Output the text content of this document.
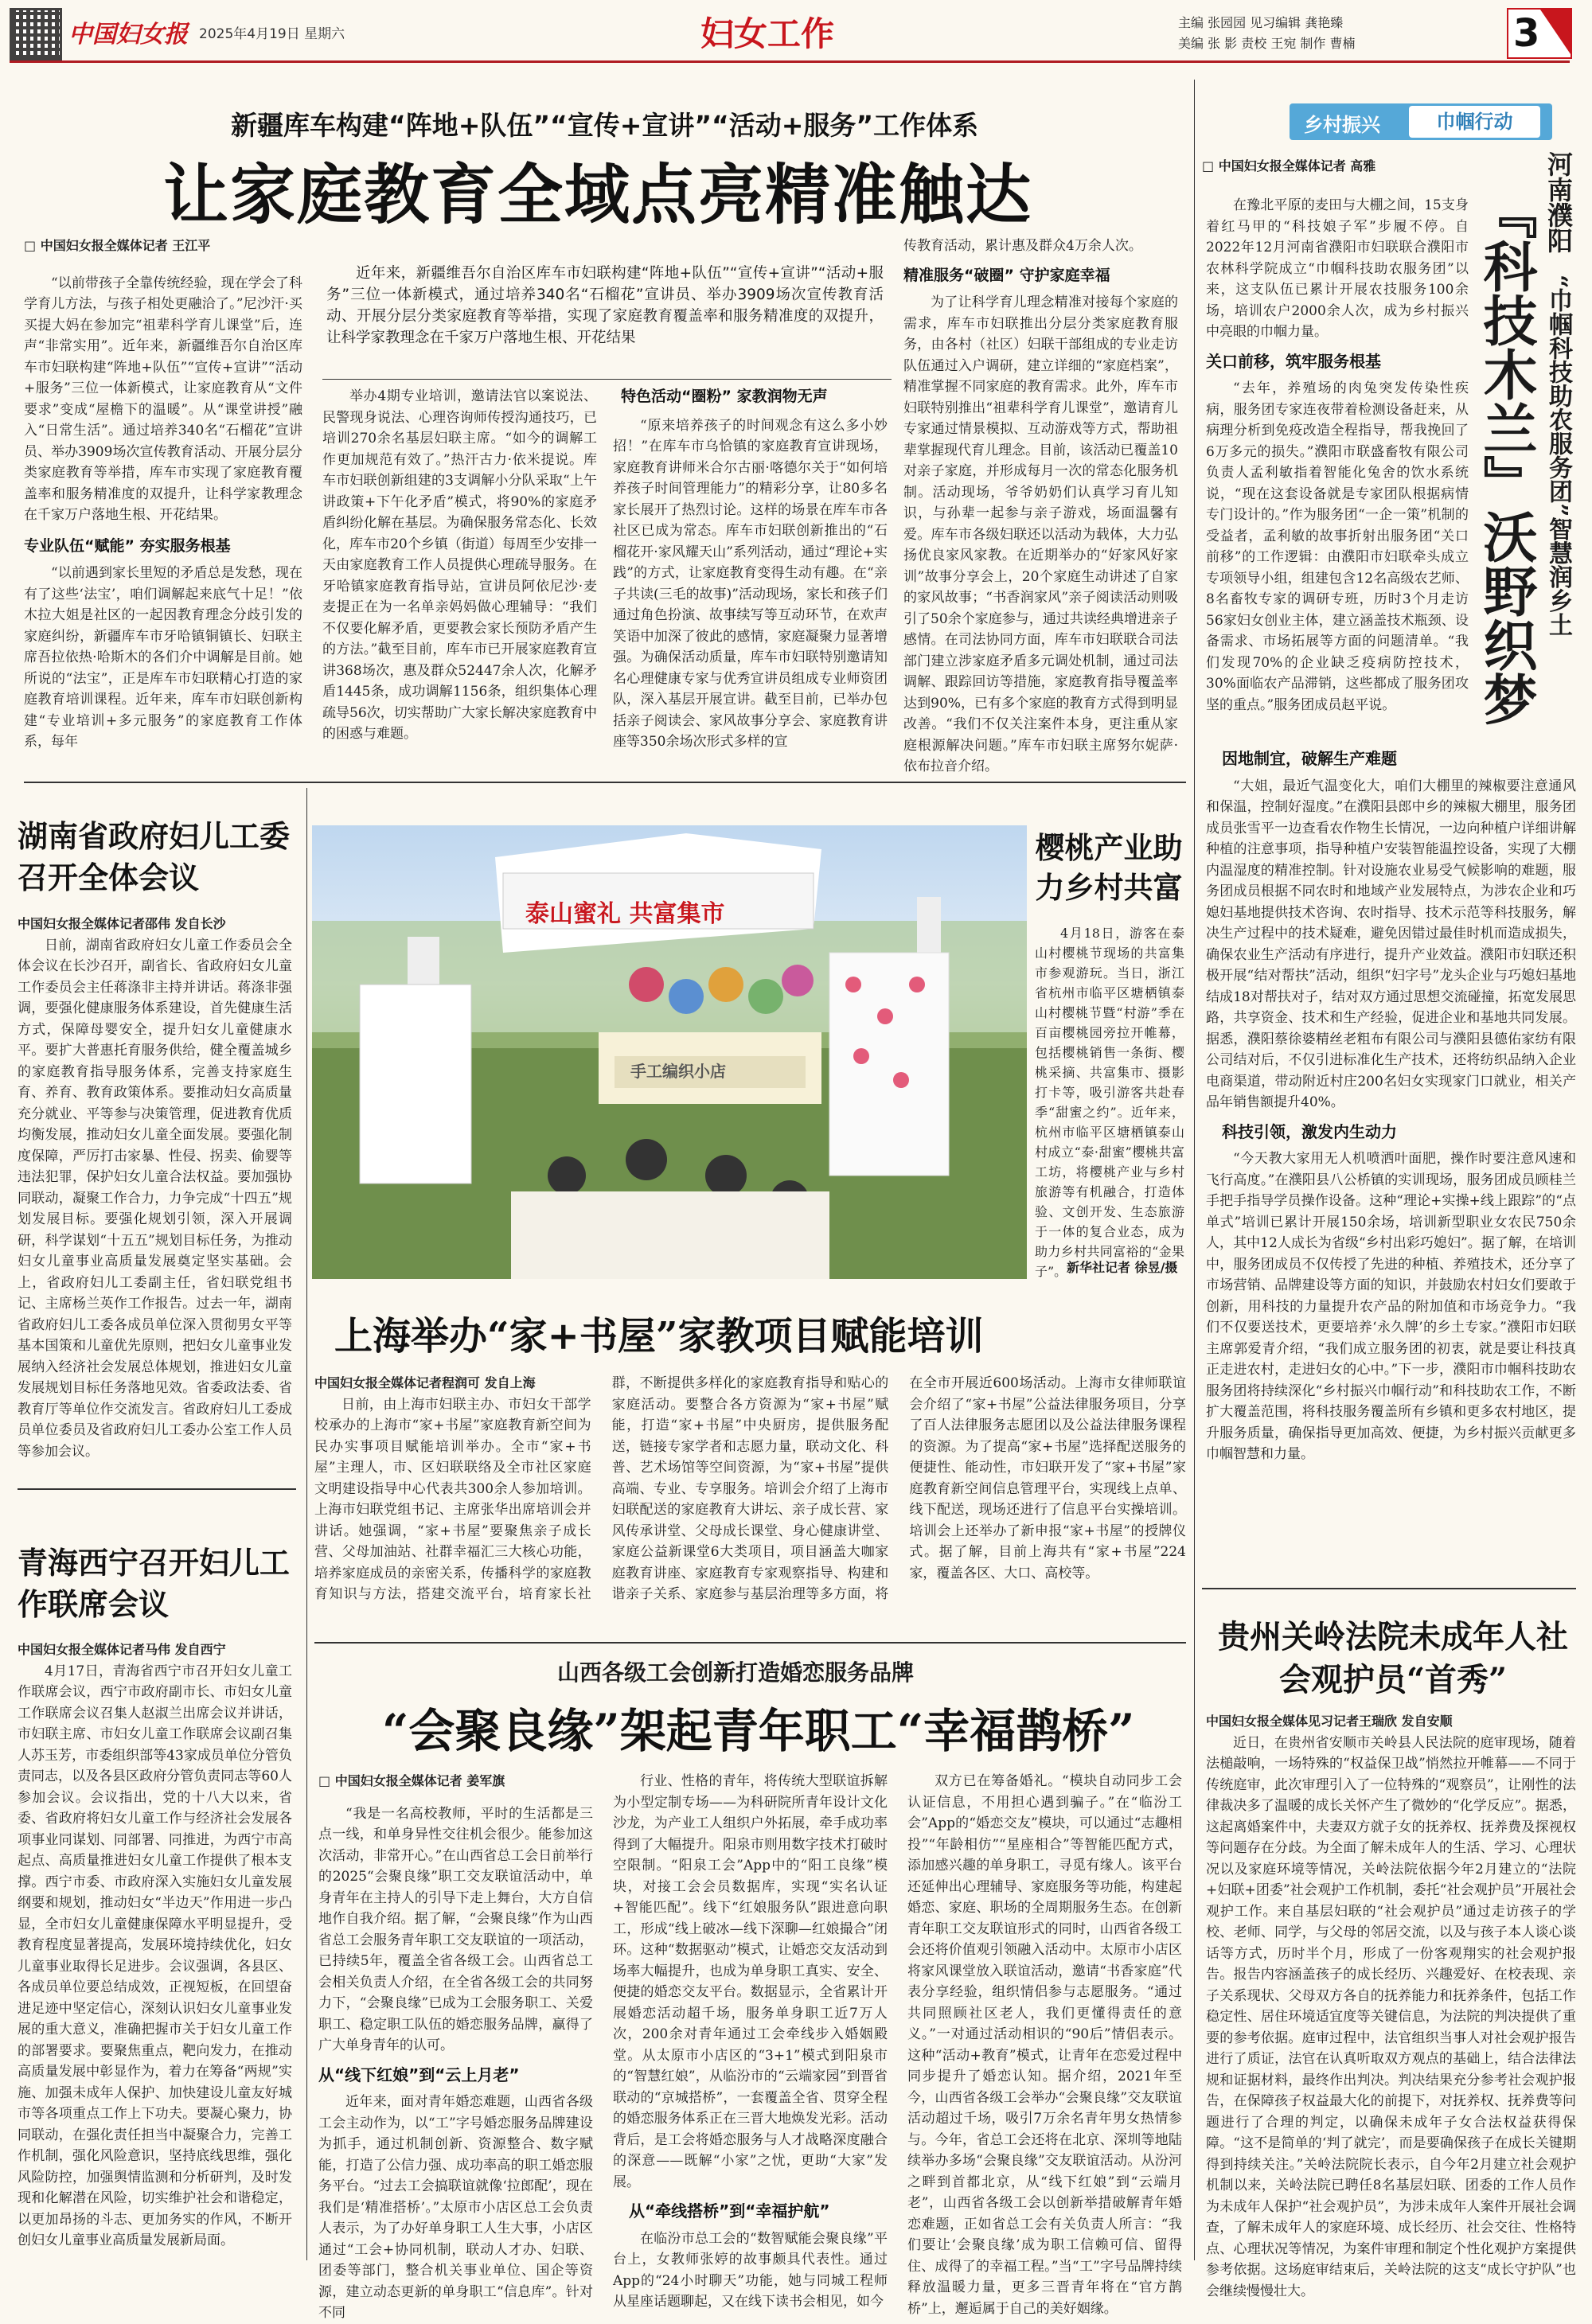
中国妇女报 2025年4月19日 星期六	妇女工作	主编 张园园 见习编辑 龚艳臻
美编 张 影 责校 王宛 制作 曹楠	3
新疆库车构建“阵地+队伍”“宣传+宣讲”“活动+服务”工作体系
让家庭教育全域点亮精准触达

□ 中国妇女报全媒体记者 王江平

“以前带孩子全靠传统经验，现在学会了科学育儿方法，与孩子相处更融洽了。”尼沙汗·买买提大妈在参加完“祖辈科学育儿课堂”后，连声“非常实用”。近年来，新疆维吾尔自治区库车市妇联构建“阵地+队伍”“宣传+宣讲”“活动+服务”三位一体新模式，让家庭教育从“文件要求”变成“屋檐下的温暖”。从“课堂讲授”融入“日常生活”。通过培养340名“石榴花”宣讲员、举办3909场次宣传教育活动、开展分层分类家庭教育等举措，库车市实现了家庭教育覆盖率和服务精准度的双提升，让科学家教理念在千家万户落地生根、开花结果。

专业队伍“赋能” 夯实服务根基

“以前遇到家长里短的矛盾总是发愁，现在有了这些‘法宝’，咱们调解起来底气十足！”依木拉大姐是社区的一起因教育理念分歧引发的家庭纠纷，新疆库车市牙哈镇铜镇长、妇联主席吾拉依热·哈斯木的各们介中调解是目前。她所说的“法宝”，正是库车市妇联精心打造的家庭教育培训课程。近年来，库车市妇联创新构建“专业培训+多元服务”的家庭教育工作体系，每年

近年来，新疆维吾尔自治区库车市妇联构建“阵地+队伍”“宣传+宣讲”“活动+服务”三位一体新模式，通过培养340名“石榴花”宣讲员、举办3909场次宣传教育活动、开展分层分类家庭教育等举措，实现了家庭教育覆盖率和服务精准度的双提升，让科学家教理念在千家万户落地生根、开花结果

举办4期专业培训，邀请法官以案说法、民警现身说法、心理咨询师传授沟通技巧，已培训270余名基层妇联主席。“如今的调解工作更加规范有效了。”热汗古力·依米提说。库车市妇联创新组建的3支调解小分队采取“上午讲政策+下午化矛盾”模式，将90%的家庭矛盾纠纷化解在基层。为确保服务常态化、长效化，库车市20个乡镇（街道）每周至少安排一天由家庭教育工作人员提供心理疏导服务。在牙哈镇家庭教育指导站，宣讲员阿依尼沙·麦麦提正在为一名单亲妈妈做心理辅导：“我们不仅要化解矛盾，更要教会家长预防矛盾产生的方法。”截至目前，库车市已开展家庭教育宣讲368场次，惠及群众52447余人次，化解矛盾1445条，成功调解1156条，组织集体心理疏导56次，切实帮助广大家长解决家庭教育中的困惑与难题。

特色活动“圈粉” 家教润物无声

“原来培养孩子的时间观念有这么多小妙招！”在库车市乌恰镇的家庭教育宣讲现场，家庭教育讲师米合尔古丽·喀德尔关于“如何培养孩子时间管理能力”的精彩分享，让80多名家长展开了热烈讨论。这样的场景在库车市各社区已成为常态。库车市妇联创新推出的“石榴花开·家风耀天山”系列活动，通过“理论+实践”的方式，让家庭教育变得生动有趣。在“亲子共读(三毛的故事)”活动现场，家长和孩子们通过角色扮演、故事续写等互动环节，在欢声笑语中加深了彼此的感情，家庭凝聚力显著增强。为确保活动质量，库车市妇联特别邀请知名心理健康专家与优秀宣讲员组成专业师资团队，深入基层开展宣讲。截至目前，已举办包括亲子阅读会、家风故事分享会、家庭教育讲座等350余场次形式多样的宣

传教育活动，累计惠及群众4万余人次。

精准服务“破圈” 守护家庭幸福

为了让科学育儿理念精准对接每个家庭的需求，库车市妇联推出分层分类家庭教育服务，由各村（社区）妇联干部组成的专业走访队伍通过入户调研，建立详细的“家庭档案”，精准掌握不同家庭的教育需求。此外，库车市妇联特别推出“祖辈科学育儿课堂”，邀请育儿专家通过情景模拟、互动游戏等方式，帮助祖辈掌握现代育儿理念。目前，该活动已覆盖10对亲子家庭，并形成每月一次的常态化服务机制。活动现场，爷爷奶奶们认真学习育儿知识，与孙辈一起参与亲子游戏，场面温馨有爱。库车市各级妇联还以活动为载体，大力弘扬优良家风家教。在近期举办的“好家风好家训”故事分享会上，20个家庭生动讲述了自家的家风故事；“书香润家风”亲子阅读活动则吸引了50余个家庭参与，通过共读经典增进亲子感情。在司法协同方面，库车市妇联联合司法部门建立涉家庭矛盾多元调处机制，通过司法调解、跟踪回访等措施，家庭教育指导覆盖率达到90%，已有多个家庭的教育方式得到明显改善。“我们不仅关注案件本身，更注重从家庭根源解决问题。”库车市妇联主席努尔妮萨·依布拉音介绍。

湖南省政府妇儿工委召开全体会议

中国妇女报全媒体记者邵伟 发自长沙

日前，湖南省政府妇女儿童工作委员会全体会议在长沙召开，副省长、省政府妇女儿童工作委员会主任蒋涤非主持并讲话。蒋涤非强调，要强化健康服务体系建设，首先健康生活方式，保障母婴安全，提升妇女儿童健康水平。要扩大普惠托育服务供给，健全覆盖城乡的家庭教育指导服务体系，完善支持家庭生育、养育、教育政策体系。要推动妇女高质量充分就业、平等参与决策管理，促进教育优质均衡发展，推动妇女儿童全面发展。要强化制度保障，严厉打击家暴、性侵、拐卖、偷婴等违法犯罪，保护妇女儿童合法权益。要加强协同联动，凝聚工作合力，力争完成“十四五”规划发展目标。要强化规划引领，深入开展调研，科学谋划“十五五”规划目标任务，为推动妇女儿童事业高质量发展奠定坚实基础。会上，省政府妇儿工委副主任，省妇联党组书记、主席杨兰英作工作报告。过去一年，湖南省政府妇儿工委各成员单位深入贯彻男女平等基本国策和儿童优先原则，把妇女儿童事业发展纳入经济社会发展总体规划，推进妇女儿童发展规划目标任务落地见效。省委政法委、省教育厅等单位作交流发言。省政府妇儿工委成员单位委员及省政府妇儿工委办公室工作人员等参加会议。

青海西宁召开妇儿工作联席会议

中国妇女报全媒体记者马伟 发自西宁

4月17日，青海省西宁市召开妇女儿童工作联席会议，西宁市政府副市长、市妇女儿童工作联席会议召集人赵淑兰出席会议并讲话，市妇联主席、市妇女儿童工作联席会议副召集人苏玉芳，市委组织部等43家成员单位分管负责同志，以及各县区政府分管负责同志等60人参加会议。会议指出，党的十八大以来，省委、省政府将妇女儿童工作与经济社会发展各项事业同谋划、同部署、同推进，为西宁市高起点、高质量推进妇女儿童工作提供了根本支撑。西宁市委、市政府深入实施妇女儿童发展纲要和规划，推动妇女“半边天”作用进一步凸显，全市妇女儿童健康保障水平明显提升，受教育程度显著提高，发展环境持续优化，妇女儿童事业取得长足进步。会议强调，各县区、各成员单位要总结成效，正视短板，在回望奋进足迹中坚定信心，深刻认识妇女儿童事业发展的重大意义，准确把握市关于妇女儿童工作的部署要求。要聚焦重点，靶向发力，在推动高质量发展中彰显作为，着力在筹备“两规”实施、加强未成年人保护、加快建设儿童友好城市等各项重点工作上下功夫。要凝心聚力，协同联动，在强化责任担当中凝聚合力，完善工作机制，强化风险意识，坚持底线思维，强化风险防控，加强舆情监测和分析研判，及时发现和化解潜在风险，切实维护社会和谐稳定，以更加昂扬的斗志、更加务实的作风，不断开创妇女儿童事业高质量发展新局面。

泰山蜜礼 共富集市
手工编织小店
樱桃产业助力乡村共富

4月18日，游客在泰山村樱桃节现场的共富集市参观游玩。当日，浙江省杭州市临平区塘栖镇泰山村樱桃节暨“村游”季在百亩樱桃园旁拉开帷幕，包括樱桃销售一条街、樱桃采摘、共富集市、摄影打卡等，吸引游客共赴春季“甜蜜之约”。近年来，杭州市临平区塘栖镇泰山村成立“泰·甜蜜”樱桃共富工坊，将樱桃产业与乡村旅游等有机融合，打造体验、文创开发、生态旅游于一体的复合业态，成为助力乡村共同富裕的“金果子”。 新华社记者 徐昱/摄
上海举办“家+书屋”家教项目赋能培训

中国妇女报全媒体记者程润可 发自上海

日前，由上海市妇联主办、市妇女干部学校承办的上海市“家+书屋”家庭教育新空间为民办实事项目赋能培训举办。全市“家+书屋”主理人，市、区妇联联络及全市社区家庭文明建设指导中心代表共300余人参加培训。上海市妇联党组书记、主席张华出席培训会并讲话。她强调，“家+书屋”要聚焦亲子成长营、父母加油站、社群幸福汇三大核心功能，培养家庭成员的亲密关系，传播科学的家庭教育知识与方法，搭建交流平台，培育家长社群，不断提供多样化的家庭教育指导和贴心的家庭活动。要整合各方资源为“家+书屋”赋能，打造“家+书屋”中央厨房，提供服务配送，链接专家学者和志愿力量，联动文化、科普、艺术场馆等空间资源，为“家+书屋”提供高端、专业、专享服务。培训会介绍了上海市妇联配送的家庭教育大讲坛、亲子成长营、家风传承讲堂、父母成长课堂、身心健康讲堂、家庭公益新课堂6大类项目，项目涵盖大咖家庭教育讲座、家庭教育专家观察指导、构建和谐亲子关系、家庭参与基层治理等多方面，将在全市开展近600场活动。上海市女律师联谊会介绍了“家+书屋”公益法律服务项目，分享了百人法律服务志愿团以及公益法律服务课程的资源。为了提高“家+书屋”选择配送服务的便捷性、能动性，市妇联开发了“家+书屋”家庭教育新空间信息管理平台，实现线上点单、线下配送，现场还进行了信息平台实操培训。培训会上还举办了新申报“家+书屋”的授牌仪式。据了解，目前上海共有“家+书屋”224家，覆盖各区、大口、高校等。

山西各级工会创新打造婚恋服务品牌
“会聚良缘”架起青年职工“幸福鹊桥”

□ 中国妇女报全媒体记者 姜军旗

“我是一名高校教师，平时的生活都是三点一线，和单身异性交往机会很少。能参加这次活动，非常开心。”在山西省总工会日前举行的2025“会聚良缘”职工交友联谊活动中，单身青年在主持人的引导下走上舞台，大方自信地作自我介绍。据了解，“会聚良缘”作为山西省总工会服务青年职工交友联谊的一项活动，已持续5年，覆盖全省各级工会。山西省总工会相关负责人介绍，在全省各级工会的共同努力下，“会聚良缘”已成为工会服务职工、关爱职工、稳定职工队伍的婚恋服务品牌，赢得了广大单身青年的认可。

从“线下红娘”到“云上月老”

近年来，面对青年婚恋难题，山西省各级工会主动作为，以“工”字号婚恋服务品牌建设为抓手，通过机制创新、资源整合、数字赋能，打造了公信力强、成功率高的职工婚恋服务平台。“过去工会搞联谊就像‘拉郎配’，现在我们是‘精准搭桥’。”太原市小店区总工会负责人表示，为了办好单身职工人生大事，小店区通过“工会+协同机制，联动人才办、妇联、团委等部门，整合机关事业单位、国企等资源，建立动态更新的单身职工“信息库”。针对不同

行业、性格的青年，将传统大型联谊拆解为小型定制专场——为科研院所青年设计文化沙龙，为产业工人组织户外拓展，牵手成功率得到了大幅提升。阳泉市则用数字技术打破时空限制。“阳泉工会”App中的“阳工良缘”模块，对接工会会员数据库，实现“实名认证+智能匹配”。线下“红娘服务队”跟进意向职工，形成“线上破冰—线下深聊—红娘撮合”闭环。这种“数据驱动”模式，让婚恋交友活动到场率大幅提升，也成为单身职工真实、安全、便捷的婚恋交友平台。数据显示，全省累计开展婚恋活动超千场，服务单身职工近7万人次，200余对青年通过工会牵线步入婚姻殿堂。从太原市小店区的“3+1”模式到阳泉市的“智慧红娘”，从临汾市的“云端家园”到晋省联动的“京城搭桥”，一套覆盖全省、贯穿全程的婚恋服务体系正在三晋大地焕发光彩。活动背后，是工会将婚恋服务与人才战略深度融合的深意——既解“小家”之忧，更助“大家”发展。

从“牵线搭桥”到“幸福护航”

在临汾市总工会的“数智赋能会聚良缘”平台上，女教师张婷的故事颇具代表性。通过App的“24小时聊天”功能，她与同城工程师从星座话题聊起，又在线下读书会相见，如今

双方已在筹备婚礼。“模块自动同步工会认证信息，不用担心遇到骗子。”在“临汾工会”App的“婚恋交友”模块，可以通过“志趣相投”“年龄相仿”“星座相合”等智能匹配方式，添加感兴趣的单身职工，寻觅有缘人。该平台还延伸出心理辅导、家庭服务等功能，构建起婚恋、家庭、职场的全周期服务生态。在创新青年职工交友联谊形式的同时，山西省各级工会还将价值观引领融入活动中。太原市小店区将家风课堂放入联谊活动，邀请“书香家庭”代表分享经验，组织情侣参与志愿服务。“通过共同照顾社区老人，我们更懂得责任的意义。”一对通过活动相识的“90后”情侣表示。这种“活动+教育”模式，让青年在恋爱过程中同步提升了婚恋认知。据介绍，2021年至今，山西省各级工会举办“会聚良缘”交友联谊活动超过千场，吸引7万余名青年男女热情参与。今年，省总工会还将在北京、深圳等地陆续举办多场“会聚良缘”交友联谊活动。从汾河之畔到首都北京，从“线下红娘”到“云端月老”，山西省各级工会以创新举措破解青年婚恋难题，正如省总工会有关负责人所言：“我们要让‘会聚良缘’成为职工信赖可信、留得住、成得了的幸福工程。”当“工”字号品牌持续释放温暖力量，更多三晋青年将在“官方鹊桥”上，邂逅属于自己的美好姻缘。

乡村振兴	巾帼行动
□ 中国妇女报全媒体记者 高雅	河南濮阳
“巾帼科技助农服务团”智慧润乡土
『科技木兰』沃野织梦

在豫北平原的麦田与大棚之间，15支身着红马甲的“科技娘子军”步履不停。自2022年12月河南省濮阳市妇联联合濮阳市农林科学院成立“巾帼科技助农服务团”以来，这支队伍已累计开展农技服务100余场，培训农户2000余人次，成为乡村振兴中亮眼的巾帼力量。

关口前移，筑牢服务根基

“去年，养殖场的肉兔突发传染性疾病，服务团专家连夜带着检测设备赶来，从病理分析到免疫改造全程指导，帮我挽回了6万多元的损失。”濮阳市联盛畜牧有限公司负责人孟利敏指着智能化兔舍的饮水系统说，“现在这套设备就是专家团队根据病情专门设计的。”作为服务团“一企一策”机制的受益者，孟利敏的故事折射出服务团“关口前移”的工作逻辑：由濮阳市妇联牵头成立专项领导小组，组建包含12名高级农艺师、8名畜牧专家的调研专班，历时3个月走访56家妇女创业主体，建立涵盖技术瓶颈、设备需求、市场拓展等方面的问题清单。“我们发现70%的企业缺乏疫病防控技术，30%面临农产品滞销，这些都成了服务团攻坚的重点。”服务团成员赵平说。

因地制宜，破解生产难题

“大姐，最近气温变化大，咱们大棚里的辣椒要注意通风和保温，控制好湿度。”在濮阳县郎中乡的辣椒大棚里，服务团成员张雪平一边查看农作物生长情况，一边向种植户详细讲解种植的注意事项，指导种植户安装智能温控设备，实现了大棚内温湿度的精准控制。针对设施农业易受气候影响的难题，服务团成员根据不同农时和地域产业发展特点，为涉农企业和巧媳妇基地提供技术咨询、农时指导、技术示范等科技服务，解决生产过程中的技术疑难，避免因错过最佳时机而造成损失，确保农业生产活动有序进行，提升产业效益。濮阳市妇联还积极开展“结对帮扶”活动，组织“妇字号”龙头企业与巧媳妇基地结成18对帮扶对子，结对双方通过思想交流碰撞，拓宽发展思路，共享资金、技术和生产经验，促进企业和基地共同发展。据悉，濮阳蔡徐婆精丝老粗布有限公司与濮阳县德佑家纺有限公司结对后，不仅引进标准化生产技术，还将纺织品纳入企业电商渠道，带动附近村庄200名妇女实现家门口就业，相关产品年销售额提升40%。

科技引领，激发内生动力

“今天教大家用无人机喷洒叶面肥，操作时要注意风速和飞行高度。”在濮阳县八公桥镇的实训现场，服务团成员顾桂兰手把手指导学员操作设备。这种“理论+实操+线上跟踪”的“点单式”培训已累计开展150余场，培训新型职业女农民750余人，其中12人成长为省级“乡村出彩巧媳妇”。据了解，在培训中，服务团成员不仅传授了先进的种植、养殖技术，还分享了市场营销、品牌建设等方面的知识，并鼓励农村妇女们要敢于创新，用科技的力量提升农产品的附加值和市场竞争力。“我们不仅要送技术，更要培养‘永久牌’的乡土专家。”濮阳市妇联主席郭爱青介绍，“我们成立服务团的初衷，就是要让科技真正走进农村，走进妇女的心中。”下一步，濮阳市巾帼科技助农服务团将持续深化“乡村振兴巾帼行动”和科技助农工作，不断扩大覆盖范围，将科技服务覆盖所有乡镇和更多农村地区，提升服务质量，确保指导更加高效、便捷，为乡村振兴贡献更多巾帼智慧和力量。

贵州关岭法院未成年人社会观护员“首秀”

中国妇女报全媒体见习记者王瑞欣 发自安顺

近日，在贵州省安顺市关岭县人民法院的庭审现场，随着法槌敲响，一场特殊的“权益保卫战”悄然拉开帷幕——不同于传统庭审，此次审理引入了一位特殊的“观察员”，让刚性的法律裁决多了温暖的成长关怀产生了微妙的“化学反应”。据悉，这起离婚案件中，夫妻双方就子女的抚养权、抚养费及探视权等问题存在分歧。为全面了解未成年人的生活、学习、心理状况以及家庭环境等情况，关岭法院依据今年2月建立的“法院+妇联+团委”社会观护工作机制，委托“社会观护员”开展社会观护工作。来自基层妇联的“社会观护员”通过走访孩子的学校、老师、同学，与父母的邻居交流，以及与孩子本人谈心谈话等方式，历时半个月，形成了一份客观翔实的社会观护报告。报告内容涵盖孩子的成长经历、兴趣爱好、在校表现、亲子关系现状、父母双方各自的抚养能力和抚养条件，包括工作稳定性、居住环境适宜度等关键信息，为法院的判决提供了重要的参考依据。庭审过程中，法官组织当事人对社会观护报告进行了质证，法官在认真听取双方观点的基础上，结合法律法规和证据材料，最终作出判决。判决结果充分参考社会观护报告，在保障孩子权益最大化的前提下，对抚养权、抚养费等问题进行了合理的判定，以确保未成年子女合法权益获得保障。“这不是简单的‘判了就完’，而是要确保孩子在成长关键期得到持续关注。”关岭法院院长表示，自今年2月建立社会观护机制以来，关岭法院已聘任8名基层妇联、团委的工作人员作为未成年人保护“社会观护员”，为涉未成年人案件开展社会调查，了解未成年人的家庭环境、成长经历、社会交往、性格特点、心理状况等情况，为案件审理和制定个性化观护方案提供参考依据。这场庭审结束后，关岭法院的这支“成长守护队”也会继续慢慢壮大。
